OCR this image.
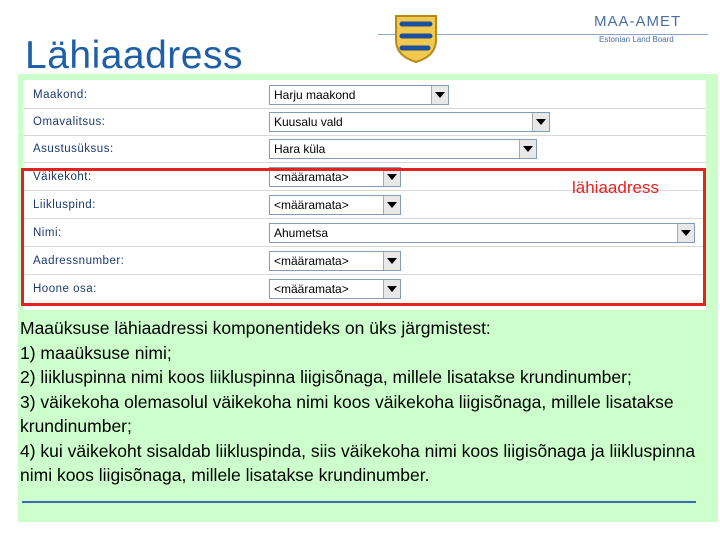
Lähiaadress
MAA-AMET
Estonian Land Board
Maakond:	Harju maakond
Omavalitsus:	Kuusalu vald
Asustusüksus:	Hara küla
Väikekoht:	<määramata>
Liikluspind:	<määramata>
Nimi:	Ahumetsa
Aadressnumber:	<määramata>
Hoone osa:	<määramata>
lähiaadress

Maaüksuse lähiaadressi komponentideks on üks järgmistest:

1) maaüksuse nimi;

2) liikluspinna nimi koos liikluspinna liigisõnaga, millele lisatakse krundinumber;

3) väikekoha olemasolul väikekoha nimi koos väikekoha liigisõnaga, millele lisatakse krundinumber;

4) kui väikekoht sisaldab liikluspinda, siis väikekoha nimi koos liigisõnaga ja liikluspinna nimi koos liigisõnaga, millele lisatakse krundinumber.
